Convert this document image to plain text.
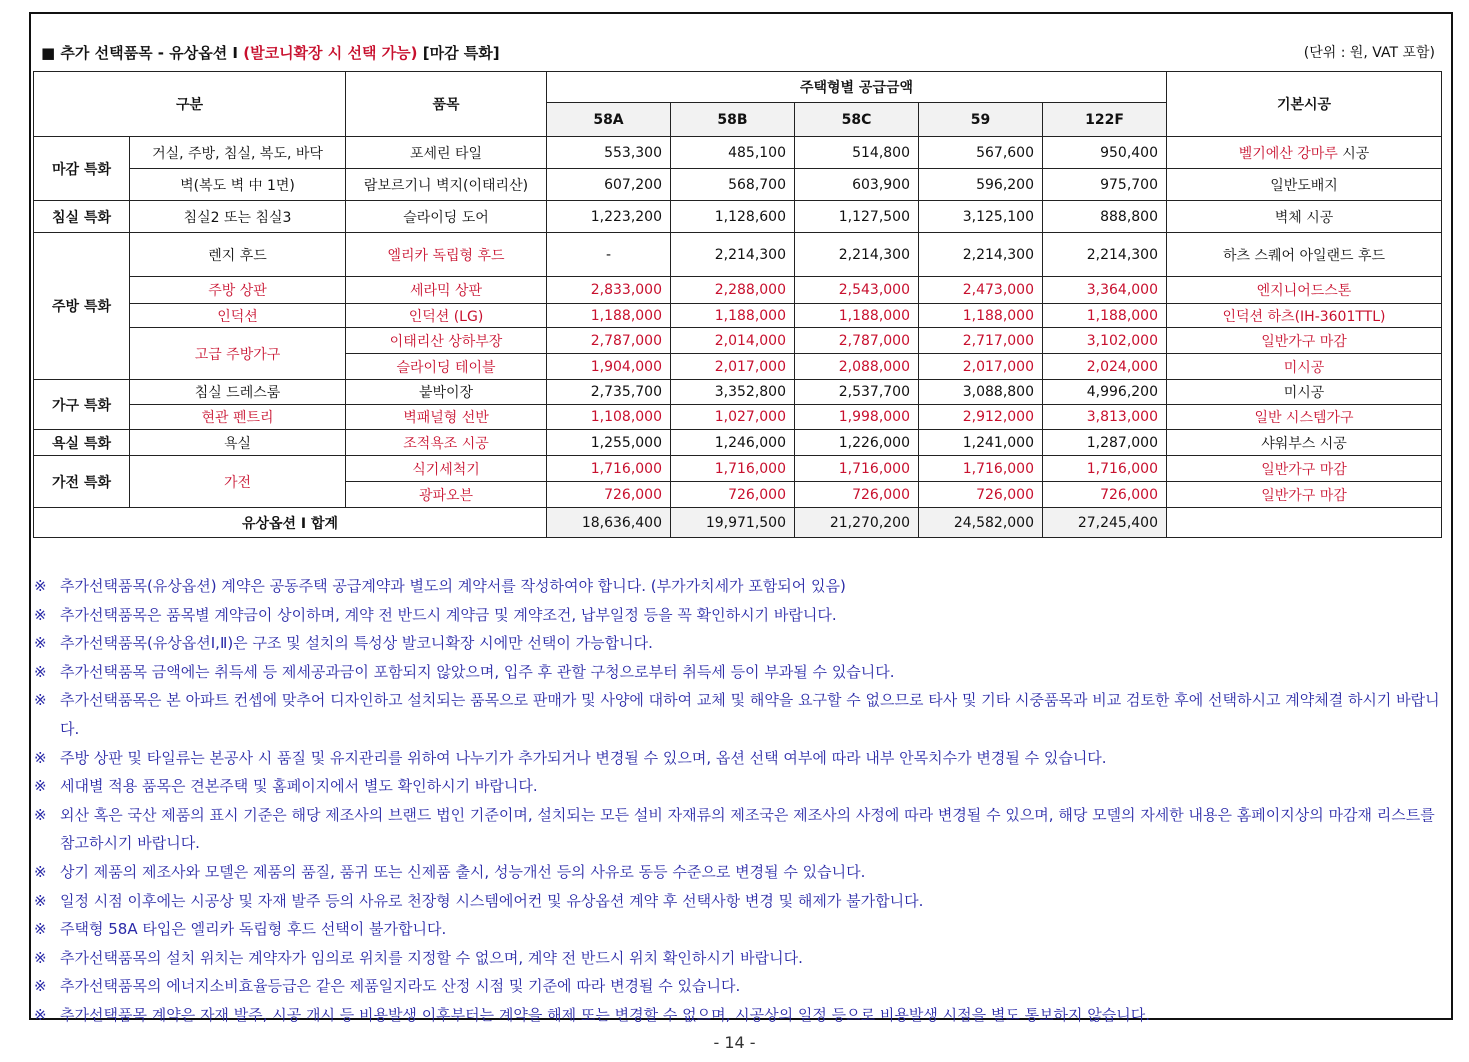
■ 추가 선택품목 - 유상옵션 Ⅰ (발코니확장 시 선택 가능) [마감 특화]	(단위 : 원, VAT 포함)
구분		품목	주택형별 공급금액					기본시공
			58A	58B	58C	59	122F	
마감 특화	거실, 주방, 침실, 복도, 바닥	포세린 타일	553,300	485,100	514,800	567,600	950,400	벨기에산 강마루 시공
	벽(복도 벽 中 1면)	람보르기니 벽지(이태리산)	607,200	568,700	603,900	596,200	975,700	일반도배지
침실 특화	침실2 또는 침실3	슬라이딩 도어	1,223,200	1,128,600	1,127,500	3,125,100	888,800	벽체 시공
주방 특화	렌지 후드	엘리카 독립형 후드	-	2,214,300	2,214,300	2,214,300	2,214,300	하츠 스퀘어 아일랜드 후드
	주방 상판	세라믹 상판	2,833,000	2,288,000	2,543,000	2,473,000	3,364,000	엔지니어드스톤
	인덕션	인덕션 (LG)	1,188,000	1,188,000	1,188,000	1,188,000	1,188,000	인덕션 하츠(IH-3601TTL)
	고급 주방가구	이태리산 상하부장	2,787,000	2,014,000	2,787,000	2,717,000	3,102,000	일반가구 마감
		슬라이딩 테이블	1,904,000	2,017,000	2,088,000	2,017,000	2,024,000	미시공
가구 특화	침실 드레스룸	붙박이장	2,735,700	3,352,800	2,537,700	3,088,800	4,996,200	미시공
	현관 펜트리	벽패널형 선반	1,108,000	1,027,000	1,998,000	2,912,000	3,813,000	일반 시스템가구
욕실 특화	욕실	조적욕조 시공	1,255,000	1,246,000	1,226,000	1,241,000	1,287,000	샤워부스 시공
가전 특화	가전	식기세척기	1,716,000	1,716,000	1,716,000	1,716,000	1,716,000	일반가구 마감
		광파오븐	726,000	726,000	726,000	726,000	726,000	일반가구 마감
유상옵션 Ⅰ 합계			18,636,400	19,971,500	21,270,200	24,582,000	27,245,400	
※ 추가선택품목(유상옵션) 계약은 공동주택 공급계약과 별도의 계약서를 작성하여야 합니다. (부가가치세가 포함되어 있음)
※ 추가선택품목은 품목별 계약금이 상이하며, 계약 전 반드시 계약금 및 계약조건, 납부일정 등을 꼭 확인하시기 바랍니다.
※ 추가선택품목(유상옵션Ⅰ,Ⅱ)은 구조 및 설치의 특성상 발코니확장 시에만 선택이 가능합니다.
※ 추가선택품목 금액에는 취득세 등 제세공과금이 포함되지 않았으며, 입주 후 관할 구청으로부터 취득세 등이 부과될 수 있습니다.
※ 추가선택품목은 본 아파트 컨셉에 맞추어 디자인하고 설치되는 품목으로 판매가 및 사양에 대하여 교체 및 해약을 요구할 수 없으므로 타사 및 기타 시중품목과 비교 검토한 후에 선택하시고 계약체결 하시기 바랍니다.
※ 주방 상판 및 타일류는 본공사 시 품질 및 유지관리를 위하여 나누기가 추가되거나 변경될 수 있으며, 옵션 선택 여부에 따라 내부 안목치수가 변경될 수 있습니다.
※ 세대별 적용 품목은 견본주택 및 홈페이지에서 별도 확인하시기 바랍니다.
※ 외산 혹은 국산 제품의 표시 기준은 해당 제조사의 브랜드 법인 기준이며, 설치되는 모든 설비 자재류의 제조국은 제조사의 사정에 따라 변경될 수 있으며, 해당 모델의 자세한 내용은 홈페이지상의 마감재 리스트를 참고하시기 바랍니다.
※ 상기 제품의 제조사와 모델은 제품의 품질, 품귀 또는 신제품 출시, 성능개선 등의 사유로 동등 수준으로 변경될 수 있습니다.
※ 일정 시점 이후에는 시공상 및 자재 발주 등의 사유로 천장형 시스템에어컨 및 유상옵션 계약 후 선택사항 변경 및 해제가 불가합니다.
※ 주택형 58A 타입은 엘리카 독립형 후드 선택이 불가합니다.
※ 추가선택품목의 설치 위치는 계약자가 임의로 위치를 지정할 수 없으며, 계약 전 반드시 위치 확인하시기 바랍니다.
※ 추가선택품목의 에너지소비효율등급은 같은 제품일지라도 산정 시점 및 기준에 따라 변경될 수 있습니다.
※ 추가선택품목 계약은 자재 발주, 시공 개시 등 비용발생 이후부터는 계약을 해제 또는 변경할 수 없으며, 시공상의 일정 등으로 비용발생 시점을 별도 통보하지 않습니다.
- 14 -
